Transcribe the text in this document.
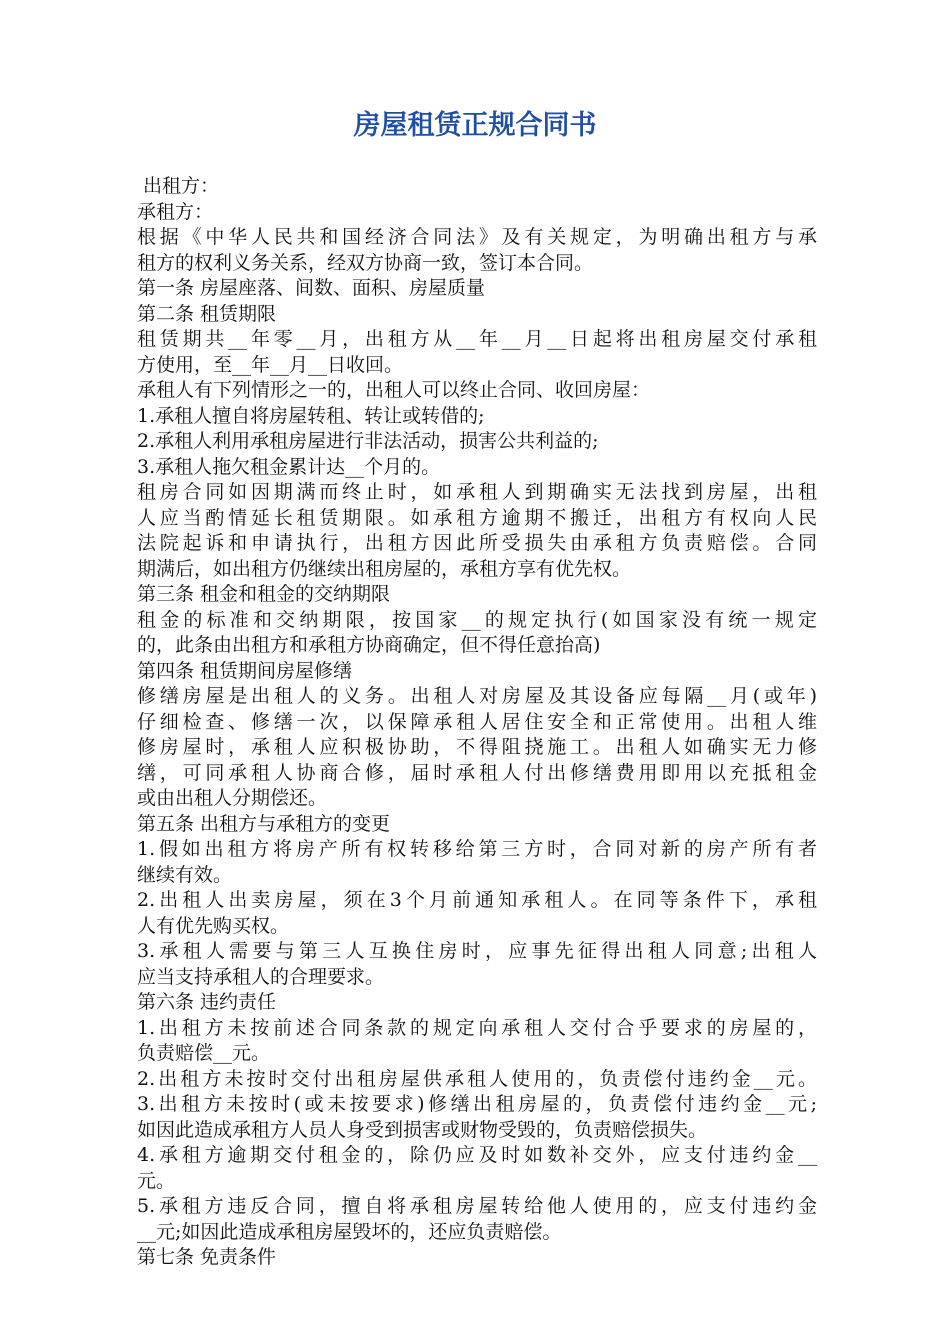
房屋租赁正规合同书
出租方：
承租方：
根据《中华人民共和国经济合同法》及有关规定，为明确出租方与承
租方的权利义务关系，经双方协商一致，签订本合同。
第一条 房屋座落、间数、面积、房屋质量
第二条 租赁期限
租赁期共__年零__月，出租方从__年__月__日起将出租房屋交付承租
方使用，至__年__月__日收回。
承租人有下列情形之一的，出租人可以终止合同、收回房屋：
1.承租人擅自将房屋转租、转让或转借的;
2.承租人利用承租房屋进行非法活动，损害公共利益的;
3.承租人拖欠租金累计达__个月的。
租房合同如因期满而终止时，如承租人到期确实无法找到房屋，出租
人应当酌情延长租赁期限。如承租方逾期不搬迁，出租方有权向人民
法院起诉和申请执行，出租方因此所受损失由承租方负责赔偿。合同
期满后，如出租方仍继续出租房屋的，承租方享有优先权。
第三条 租金和租金的交纳期限
租金的标准和交纳期限，按国家__的规定执行(如国家没有统一规定
的，此条由出租方和承租方协商确定，但不得任意抬高)
第四条 租赁期间房屋修缮
修缮房屋是出租人的义务。出租人对房屋及其设备应每隔__月(或年)
仔细检查、修缮一次，以保障承租人居住安全和正常使用。出租人维
修房屋时，承租人应积极协助，不得阻挠施工。出租人如确实无力修
缮，可同承租人协商合修，届时承租人付出修缮费用即用以充抵租金
或由出租人分期偿还。
第五条 出租方与承租方的变更
1.假如出租方将房产所有权转移给第三方时，合同对新的房产所有者
继续有效。
2.出租人出卖房屋，须在3个月前通知承租人。在同等条件下，承租
人有优先购买权。
3.承租人需要与第三人互换住房时，应事先征得出租人同意;出租人
应当支持承租人的合理要求。
第六条 违约责任
1.出租方未按前述合同条款的规定向承租人交付合乎要求的房屋的，
负责赔偿__元。
2.出租方未按时交付出租房屋供承租人使用的，负责偿付违约金__元。
3.出租方未按时(或未按要求)修缮出租房屋的，负责偿付违约金__元;
如因此造成承租方人员人身受到损害或财物受毁的，负责赔偿损失。
4.承租方逾期交付租金的，除仍应及时如数补交外，应支付违约金__
元。
5.承租方违反合同，擅自将承租房屋转给他人使用的，应支付违约金
__元;如因此造成承租房屋毁坏的，还应负责赔偿。
第七条 免责条件
